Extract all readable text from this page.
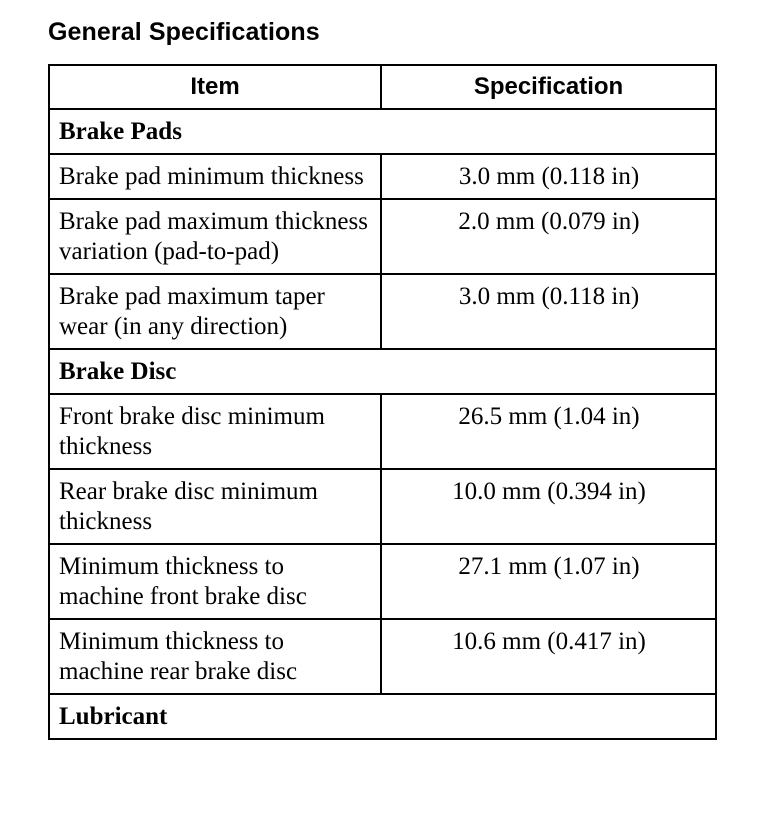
General Specifications
Item	Specification
Brake Pads	
Brake pad minimum thickness	3.0 mm (0.118 in)
Brake pad maximum thickness variation (pad-to-pad)	2.0 mm (0.079 in)
Brake pad maximum taper wear (in any direction)	3.0 mm (0.118 in)
Brake Disc	
Front brake disc minimum thickness	26.5 mm (1.04 in)
Rear brake disc minimum thickness	10.0 mm (0.394 in)
Minimum thickness to machine front brake disc	27.1 mm (1.07 in)
Minimum thickness to machine rear brake disc	10.6 mm (0.417 in)
Lubricant	
